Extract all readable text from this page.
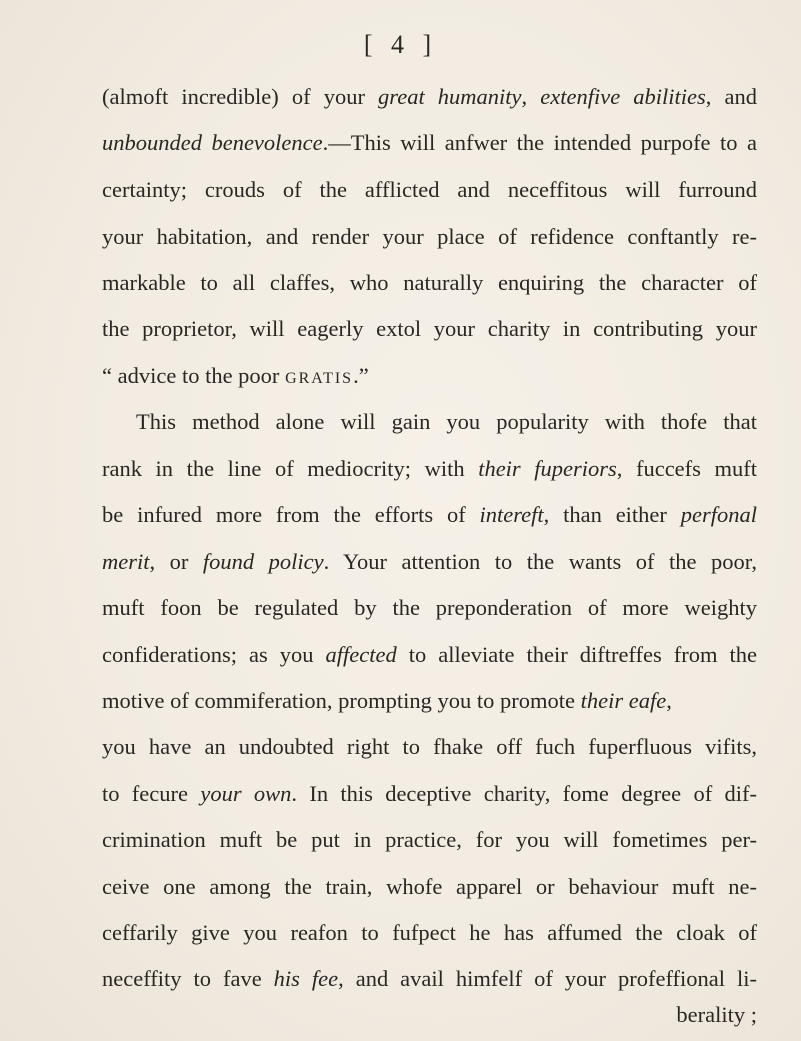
[ 4 ]
(almoft incredible) of your great humanity, extenfive abilities, and
unbounded benevolence.—This will anfwer the intended purpofe to a
certainty; crouds of the afflicted and neceffitous will furround
your habitation, and render your place of refidence conftantly re-
markable to all claffes, who naturally enquiring the character of
the proprietor, will eagerly extol your charity in contributing your
“ advice to the poor gratis.”
This method alone will gain you popularity with thofe that
rank in the line of mediocrity; with their fuperiors, fuccefs muft
be infured more from the efforts of intereft, than either perfonal
merit, or found policy. Your attention to the wants of the poor,
muft foon be regulated by the preponderation of more weighty
confiderations; as you affected to alleviate their diftreffes from the
motive of commiferation, prompting you to promote their eafe,
you have an undoubted right to fhake off fuch fuperfluous vifits,
to fecure your own. In this deceptive charity, fome degree of dif-
crimination muft be put in practice, for you will fometimes per-
ceive one among the train, whofe apparel or behaviour muft ne-
ceffarily give you reafon to fufpect he has affumed the cloak of
neceffity to fave his fee, and avail himfelf of your profeffional li-
berality ;
